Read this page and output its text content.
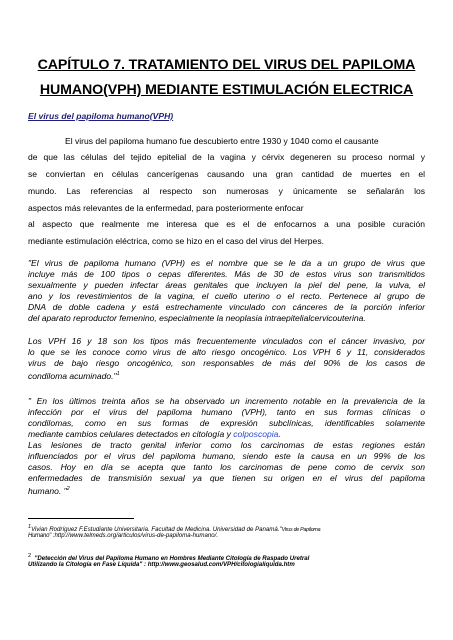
CAPÍTULO 7. TRATAMIENTO DEL VIRUS DEL PAPILOMA
HUMANO(VPH) MEDIANTE ESTIMULACIÓN ELECTRICA
El virus del papiloma humano(VPH)
El virus del papiloma humano fue descubierto entre 1930 y 1040 como el causante
de que las células del tejido epitelial de la vagina y cérvix degeneren su proceso normal y
se conviertan en células cancerígenas causando una gran cantidad de muertes en el
mundo. Las referencias al respecto son numerosas y únicamente se señalarán los
aspectos más relevantes de la enfermedad, para posteriormente enfocar
al aspecto que realmente me interesa que es el de enfocarnos a una posible curación
mediante estimulación eléctrica, como se hizo en el caso del virus del Herpes.
"El virus de papiloma humano (VPH) es el nombre que se le da a un grupo de virus que
incluye más de 100 tipos o cepas diferentes. Más de 30 de estos virus son transmitidos
sexualmente y pueden infectar áreas genitales que incluyen la piel del pene, la vulva, el
ano y los revestimientos de la vagina, el cuello uterino o el recto. Pertenece al grupo de
DNA de doble cadena y está estrechamente vinculado con cánceres de la porción inferior
del aparato reproductor femenino, especialmente la neoplasia intraepitelialcervicouterina.
Los VPH 16 y 18 son los tipos más frecuentemente vinculados con el cáncer invasivo, por
lo que se les conoce como virus de alto riesgo oncogénico. Los VPH 6 y 11, considerados
virus de bajo riesgo oncogénico, son responsables de más del 90% de los casos de
condiloma acuminado."$^1$
" En los últimos treinta años se ha observado un incremento notable en la prevalencia de la
infección por el virus del papiloma humano (VPH), tanto en sus formas clínicas o
condilomas, como en sus formas de expresión subclínicas, identificables solamente
mediante cambios celulares detectados en citología y colposcopia.
Las lesiones de tracto genital inferior como los carcinomas de estas regiones están
influenciados por el virus del papiloma humano, siendo este la causa en un 99% de los
casos. Hoy en día se acepta que tanto los carcinomas de pene como de cervix son
enfermedades de transmisión sexual ya que tienen su origen en el virus del papiloma
humano. "$^2$
1Vivian Rodríguez F.Estudiante Universitaria. Facultad de Medicina. Universidad de Panamá."Virus de Papiloma
Humano" :http://www.telmeds.org/articulos/virus-de-papiloma-humano/.
2 "Detección del Virus del Papiloma Humano en Hombres Mediante Citología de Raspado Uretral
Utilizando la Citología en Fase Líquida" : http://www.geosalud.com/VPH/citologialiquida.htm
